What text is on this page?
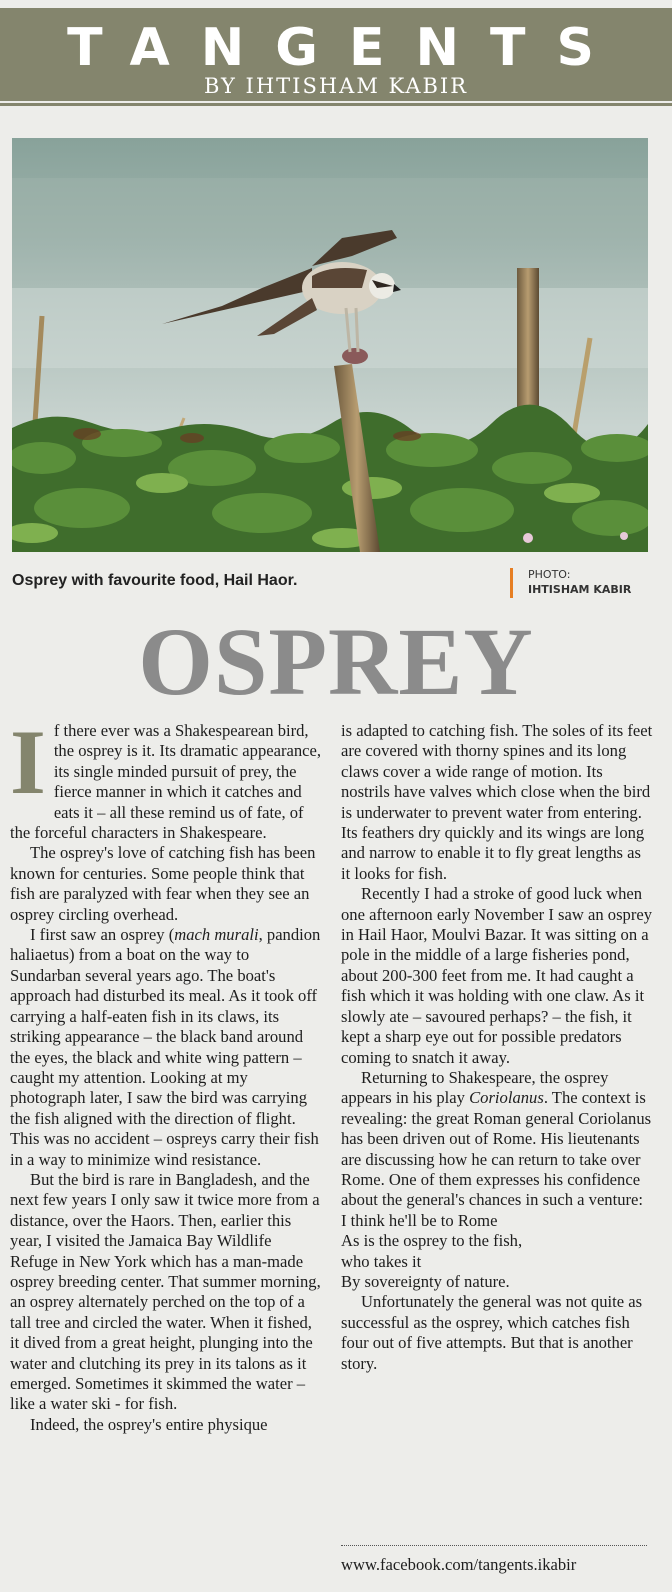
TANGENTS
BY IHTISHAM KABIR
Osprey with favourite food, Hail Haor.	PHOTO:
IHTISHAM KABIR
OSPREY

If there ever was a Shakespearean bird, the osprey is it. Its dramatic appearance, its single minded pursuit of prey, the fierce manner in which it catches and eats it – all these remind us of fate, of the forceful characters in Shakespeare.

The osprey's love of catching fish has been known for centuries. Some people think that fish are paralyzed with fear when they see an osprey circling overhead.

I first saw an osprey (mach murali, pandion haliaetus) from a boat on the way to Sundarban several years ago. The boat's approach had disturbed its meal. As it took off carrying a half-eaten fish in its claws, its striking appearance – the black band around the eyes, the black and white wing pattern – caught my attention. Looking at my photograph later, I saw the bird was carrying the fish aligned with the direction of flight. This was no accident – ospreys carry their fish in a way to minimize wind resistance.

But the bird is rare in Bangladesh, and the next few years I only saw it twice more from a distance, over the Haors. Then, earlier this year, I visited the Jamaica Bay Wildlife Refuge in New York which has a man-made osprey breeding center. That summer morning, an osprey alternately perched on the top of a tall tree and circled the water. When it fished, it dived from a great height, plunging into the water and clutching its prey in its talons as it emerged. Sometimes it skimmed the water – like a water ski - for fish.

Indeed, the osprey's entire physique

is adapted to catching fish. The soles of its feet are covered with thorny spines and its long claws cover a wide range of motion. Its nostrils have valves which close when the bird is underwater to prevent water from entering. Its feathers dry quickly and its wings are long and narrow to enable it to fly great lengths as it looks for fish.

Recently I had a stroke of good luck when one afternoon early November I saw an osprey in Hail Haor, Moulvi Bazar. It was sitting on a pole in the middle of a large fisheries pond, about 200-300 feet from me. It had caught a fish which it was holding with one claw. As it slowly ate – savoured perhaps? – the fish, it kept a sharp eye out for possible predators coming to snatch it away.

Returning to Shakespeare, the osprey appears in his play Coriolanus. The context is revealing: the great Roman general Coriolanus has been driven out of Rome. His lieutenants are discussing how he can return to take over Rome. One of them expresses his confidence about the general's chances in such a venture:

I think he'll be to Rome

As is the osprey to the fish,

who takes it

By sovereignty of nature.

Unfortunately the general was not quite as successful as the osprey, which catches fish four out of five attempts. But that is another story.

www.facebook.com/tangents.ikabir
